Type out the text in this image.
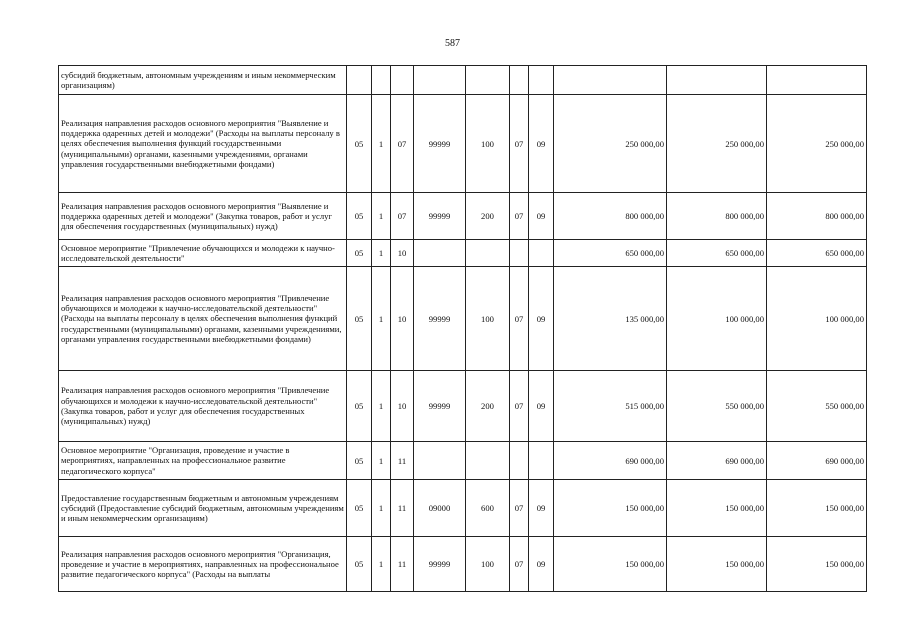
587
субсидий бюджетным, автономным учреждениям и иным некоммерческим организациям)										
Реализация направления расходов основного мероприятия "Выявление и поддержка одаренных детей и молодежи" (Расходы на выплаты персоналу в целях обеспечения выполнения функций государственными (муниципальными) органами, казенными учреждениями, органами управления государственными внебюджетными фондами)	05	1	07	99999	100	07	09	250 000,00	250 000,00	250 000,00
Реализация направления расходов основного мероприятия "Выявление и поддержка одаренных детей и молодежи" (Закупка товаров, работ и услуг для обеспечения государственных (муниципальных) нужд)	05	1	07	99999	200	07	09	800 000,00	800 000,00	800 000,00
Основное мероприятие "Привлечение обучающихся и молодежи к научно-исследовательской деятельности"	05	1	10					650 000,00	650 000,00	650 000,00
Реализация направления расходов основного мероприятия "Привлечение обучающихся и молодежи к научно-исследовательской деятельности" (Расходы на выплаты персоналу в целях обеспечения выполнения функций государственными (муниципальными) органами, казенными учреждениями, органами управления государственными внебюджетными фондами)	05	1	10	99999	100	07	09	135 000,00	100 000,00	100 000,00
Реализация направления расходов основного мероприятия "Привлечение обучающихся и молодежи к научно-исследовательской деятельности" (Закупка товаров, работ и услуг для обеспечения государственных (муниципальных) нужд)	05	1	10	99999	200	07	09	515 000,00	550 000,00	550 000,00
Основное мероприятие "Организация, проведение и участие в мероприятиях, направленных на профессиональное развитие педагогического корпуса"	05	1	11					690 000,00	690 000,00	690 000,00
Предоставление государственным бюджетным и автономным учреждениям субсидий (Предоставление субсидий бюджетным, автономным учреждениям и иным некоммерческим организациям)	05	1	11	09000	600	07	09	150 000,00	150 000,00	150 000,00
Реализация направления расходов основного мероприятия "Организация, проведение и участие в мероприятиях, направленных на профессиональное развитие педагогического корпуса" (Расходы на выплаты	05	1	11	99999	100	07	09	150 000,00	150 000,00	150 000,00
